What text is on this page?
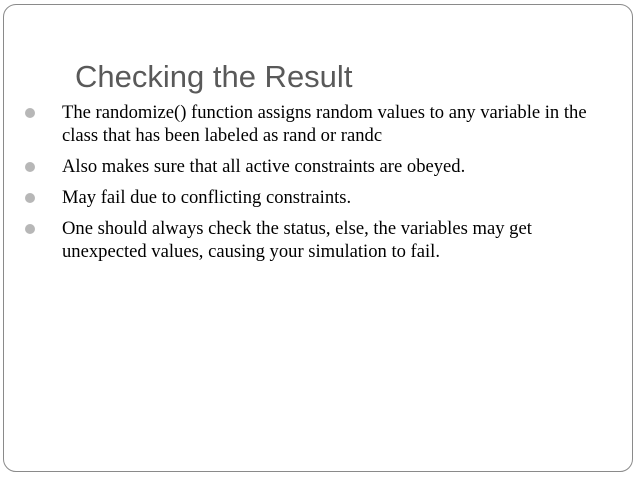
Checking the Result
The randomize() function assigns random values to any variable in the class that has been labeled as rand or randc
Also makes sure that all active constraints are obeyed.
May fail due to conflicting constraints.
One should always check the status, else, the variables may get unexpected values, causing your simulation to fail.
